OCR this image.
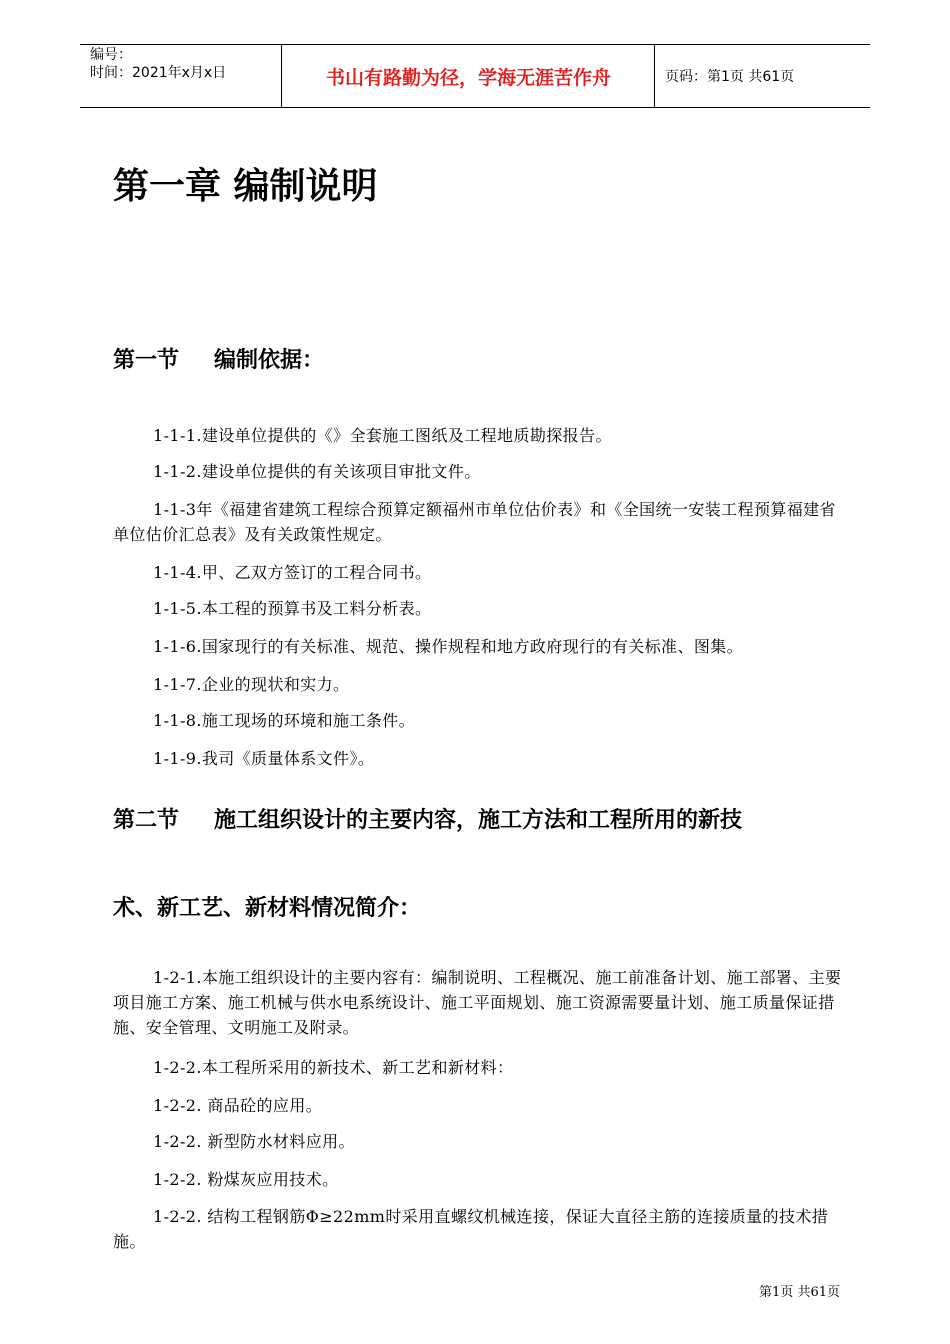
编号：
时间：2021年x月x日	书山有路勤为径，学海无涯苦作舟	页码：第1页 共61页
第一章 编制说明
第一节 编制依据：

1-1-1.建设单位提供的《》全套施工图纸及工程地质勘探报告。

1-1-2.建设单位提供的有关该项目审批文件。

1-1-3年《福建省建筑工程综合预算定额福州市单位估价表》和《全国统一安装工程预算福建省单位估价汇总表》及有关政策性规定。

1-1-4.甲、乙双方签订的工程合同书。

1-1-5.本工程的预算书及工料分析表。

1-1-6.国家现行的有关标准、规范、操作规程和地方政府现行的有关标准、图集。

1-1-7.企业的现状和实力。

1-1-8.施工现场的环境和施工条件。

1-1-9.我司《质量体系文件》。

第二节 施工组织设计的主要内容，施工方法和工程所用的新技
术、新工艺、新材料情况简介：

1-2-1.本施工组织设计的主要内容有：编制说明、工程概况、施工前准备计划、施工部署、主要项目施工方案、施工机械与供水电系统设计、施工平面规划、施工资源需要量计划、施工质量保证措施、安全管理、文明施工及附录。

1-2-2.本工程所采用的新技术、新工艺和新材料：

1-2-2. 商品砼的应用。

1-2-2. 新型防水材料应用。

1-2-2. 粉煤灰应用技术。

1-2-2. 结构工程钢筋Φ≥22mm时采用直螺纹机械连接，保证大直径主筋的连接质量的技术措施。

第1页 共61页
